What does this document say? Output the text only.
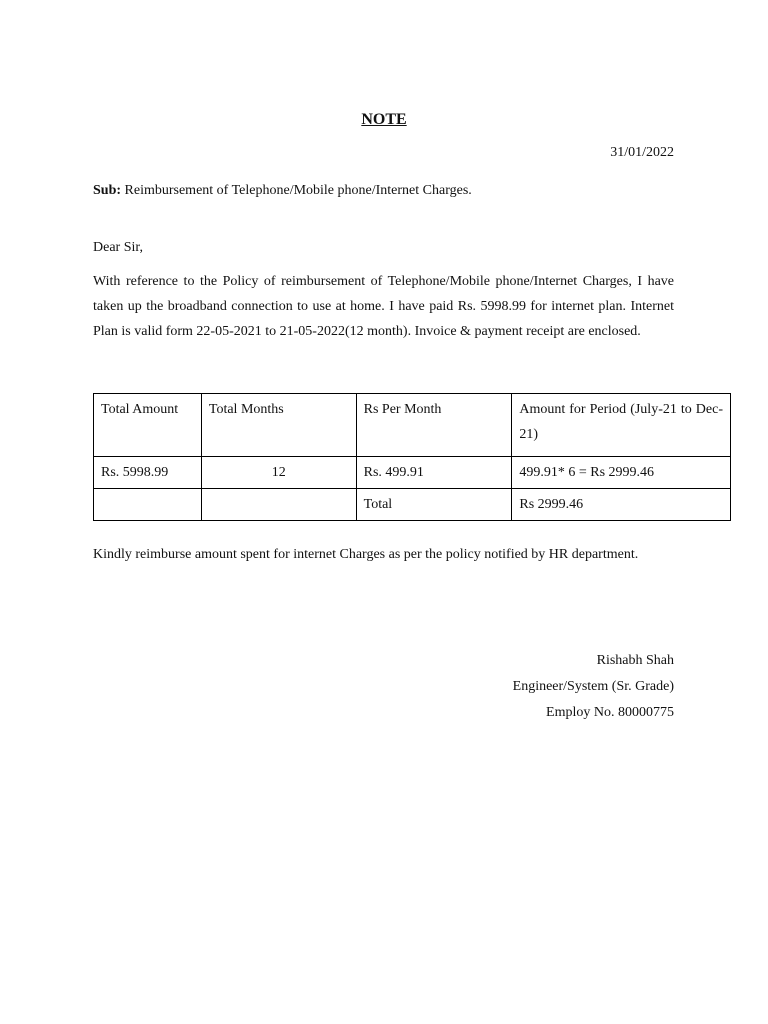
NOTE
31/01/2022
Sub: Reimbursement of Telephone/Mobile phone/Internet Charges.
Dear Sir,
With reference to the Policy of reimbursement of Telephone/Mobile phone/Internet Charges, I have taken up the broadband connection to use at home. I have paid Rs. 5998.99 for internet plan. Internet Plan is valid form 22-05-2021 to 21-05-2022(12 month). Invoice & payment receipt are enclosed.
Total Amount	Total Months	Rs Per Month	Amount for Period (July-21 to Dec-21)
Rs. 5998.99	12	Rs. 499.91	499.91* 6 = Rs 2999.46
		Total	Rs 2999.46
Kindly reimburse amount spent for internet Charges as per the policy notified by HR department.
Rishabh Shah
Engineer/System (Sr. Grade)
Employ No. 80000775
